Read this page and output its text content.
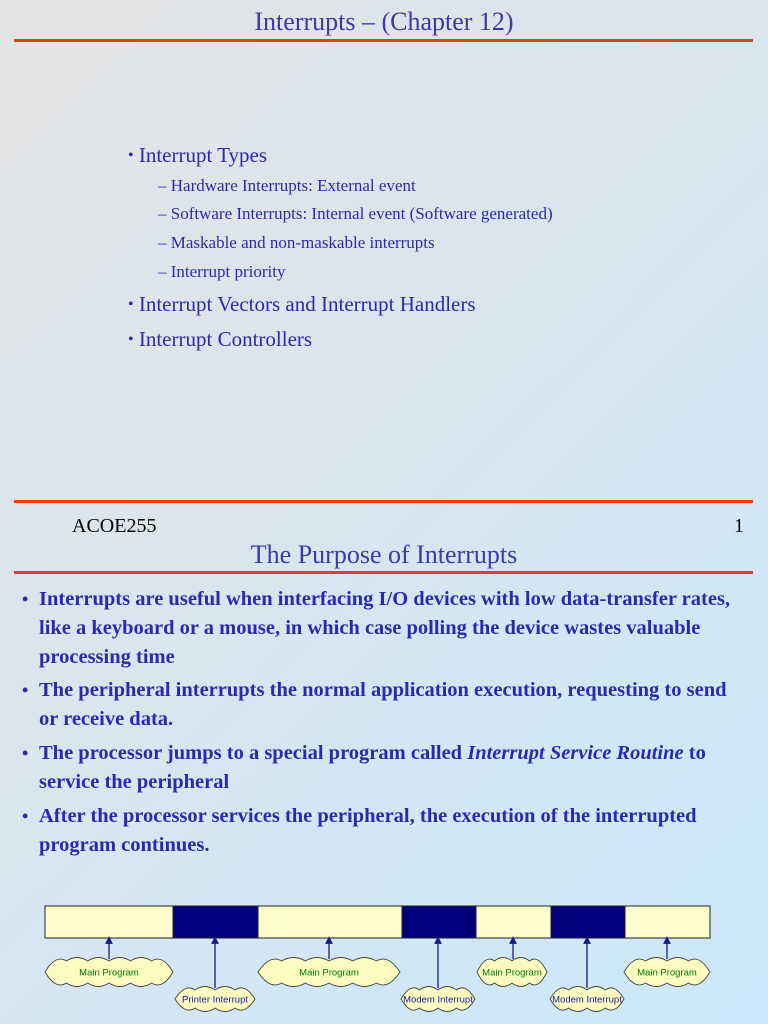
Interrupts – (Chapter 12)
• Interrupt Types
– Hardware Interrupts: External event
– Software Interrupts: Internal event (Software generated)
– Maskable and non-maskable interrupts
– Interrupt priority
• Interrupt Vectors and Interrupt Handlers
• Interrupt Controllers
ACOE255	1
The Purpose of Interrupts
• Interrupts are useful when interfacing I/O devices with low data-transfer rates, like a keyboard or a mouse, in which case polling the device wastes valuable processing time
• The peripheral interrupts the normal application execution, requesting to send or receive data.
• The processor jumps to a special program called Interrupt Service Routine to service the peripheral
• After the processor services the peripheral, the execution of the interrupted program continues.
Main Program
Printer Interrupt
Main Program
Modem Interrupt
Main Program
Modem Interrupt
Main Program
